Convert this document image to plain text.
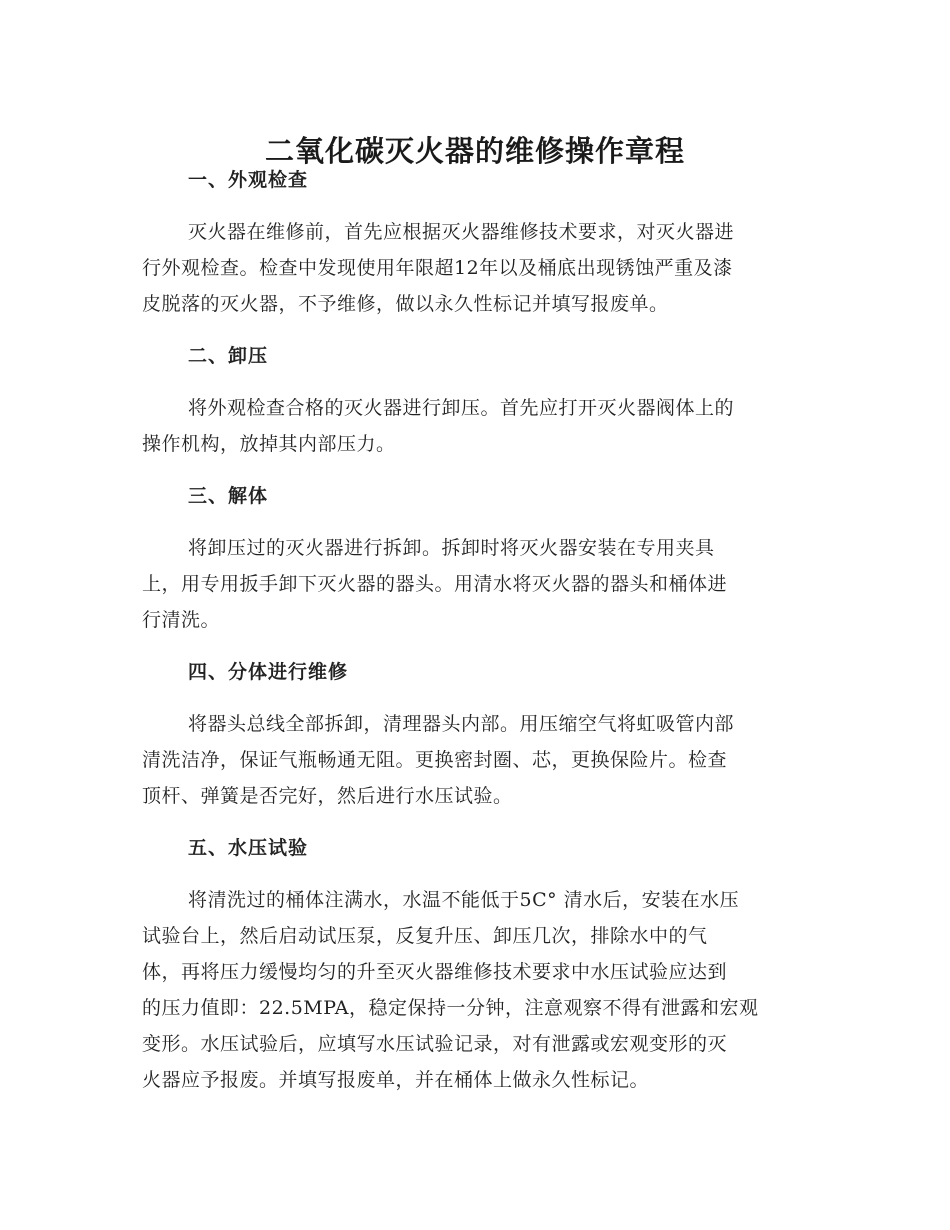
二氧化碳灭火器的维修操作章程
一、外观检查

灭火器在维修前，首先应根据灭火器维修技术要求，对灭火器进
行外观检查。检查中发现使用年限超12年以及桶底出现锈蚀严重及漆
皮脱落的灭火器，不予维修，做以永久性标记并填写报废单。

二、卸压

将外观检查合格的灭火器进行卸压。首先应打开灭火器阀体上的
操作机构，放掉其内部压力。

三、解体

将卸压过的灭火器进行拆卸。拆卸时将灭火器安装在专用夹具
上，用专用扳手卸下灭火器的器头。用清水将灭火器的器头和桶体进
行清洗。

四、分体进行维修

将器头总线全部拆卸，清理器头内部。用压缩空气将虹吸管内部
清洗洁净，保证气瓶畅通无阻。更换密封圈、芯，更换保险片。检查
顶杆、弹簧是否完好，然后进行水压试验。

五、水压试验

将清洗过的桶体注满水，水温不能低于5C° 清水后，安装在水压
试验台上，然后启动试压泵，反复升压、卸压几次，排除水中的气
体，再将压力缓慢均匀的升至灭火器维修技术要求中水压试验应达到
的压力值即：22.5MPA，稳定保持一分钟，注意观察不得有泄露和宏观
变形。水压试验后，应填写水压试验记录，对有泄露或宏观变形的灭
火器应予报废。并填写报废单，并在桶体上做永久性标记。
